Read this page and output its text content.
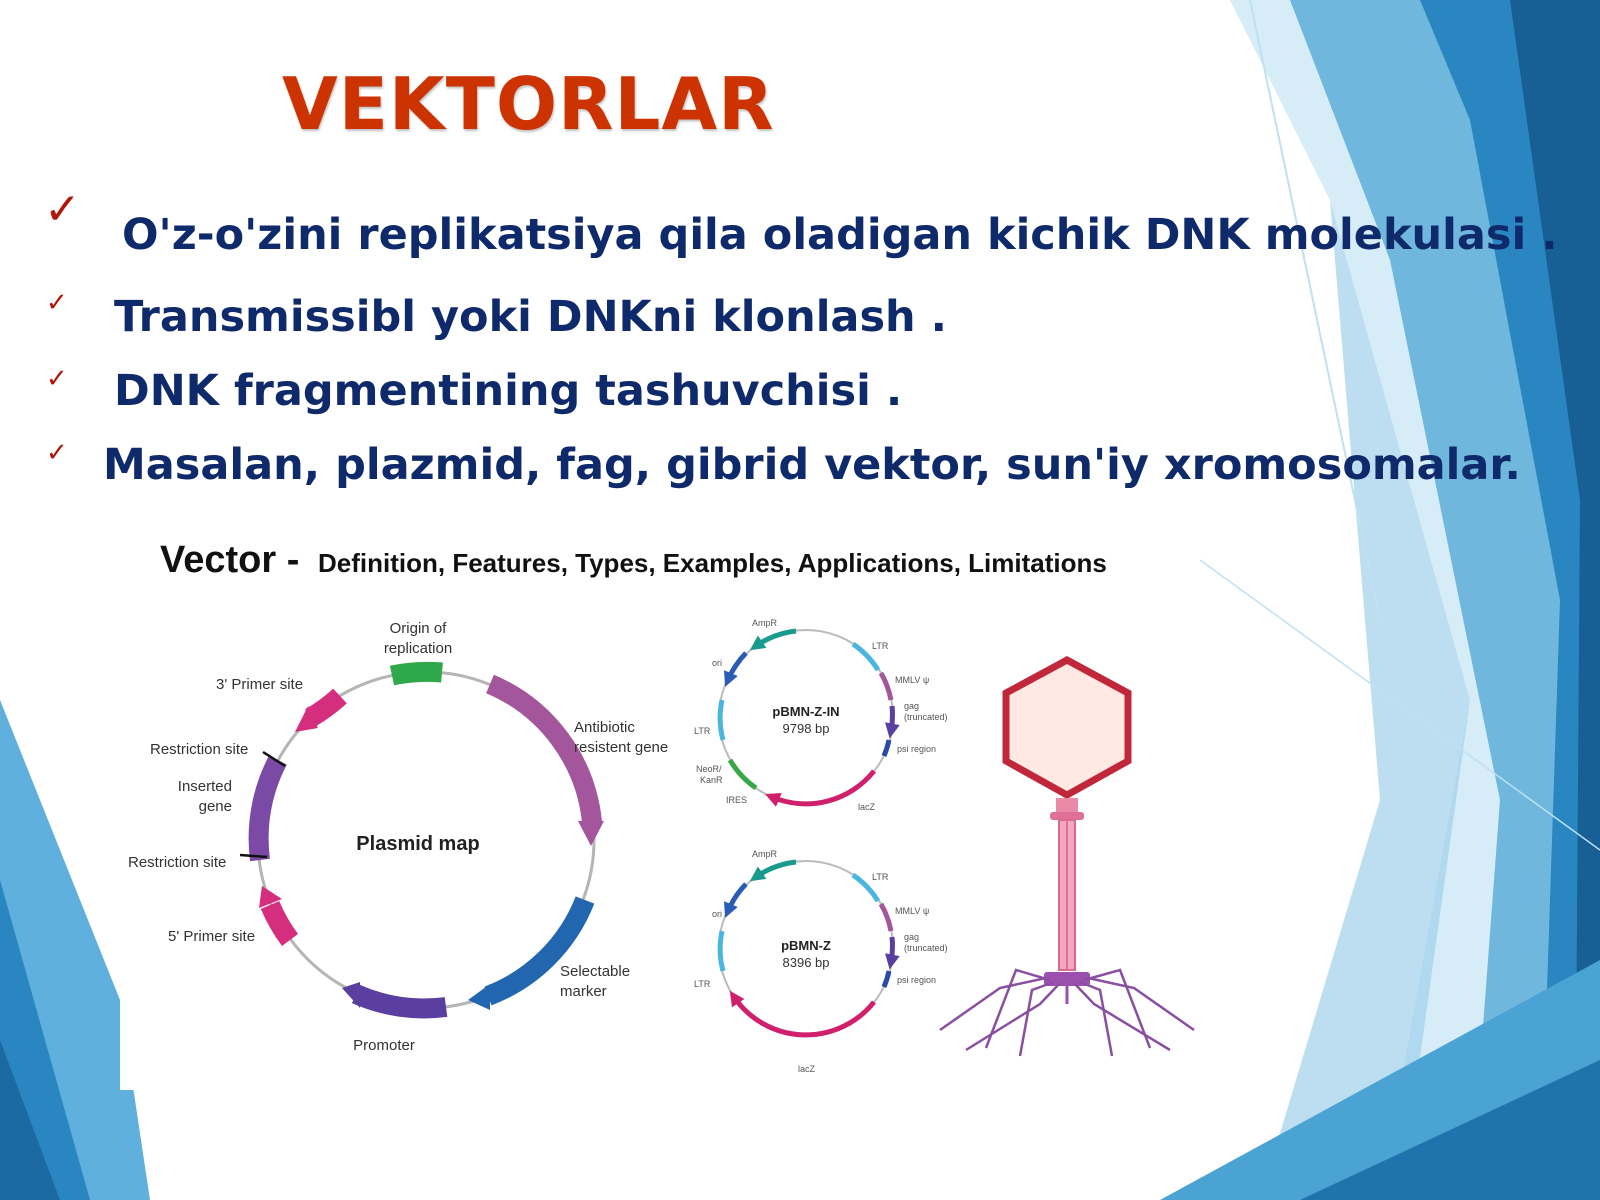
VEKTORLAR
✓ O'z-o'zini replikatsiya qila oladigan kichik DNK molekulasi .
✓ Transmissibl yoki DNKni klonlash .
✓ DNK fragmentining tashuvchisi .
✓ Masalan, plazmid, fag, gibrid vektor, sun'iy xromosomalar.
Vector - Definition, Features, Types, Examples, Applications, Limitations
Plasmid map
Origin of
replication
Antibiotic
resistent gene
Selectable
marker
Promoter
5' Primer site
Restriction site
Inserted
gene
Restriction site
3' Primer site
pBMN-Z-IN
9798 bp
AmpR
LTR
MMLV ψ
gag
(truncated)
psi region
lacZ
IRES
NeoR/
KanR
LTR
ori
pBMN-Z
8396 bp
AmpR
LTR
MMLV ψ
gag
(truncated)
psi region
lacZ
LTR
ori
